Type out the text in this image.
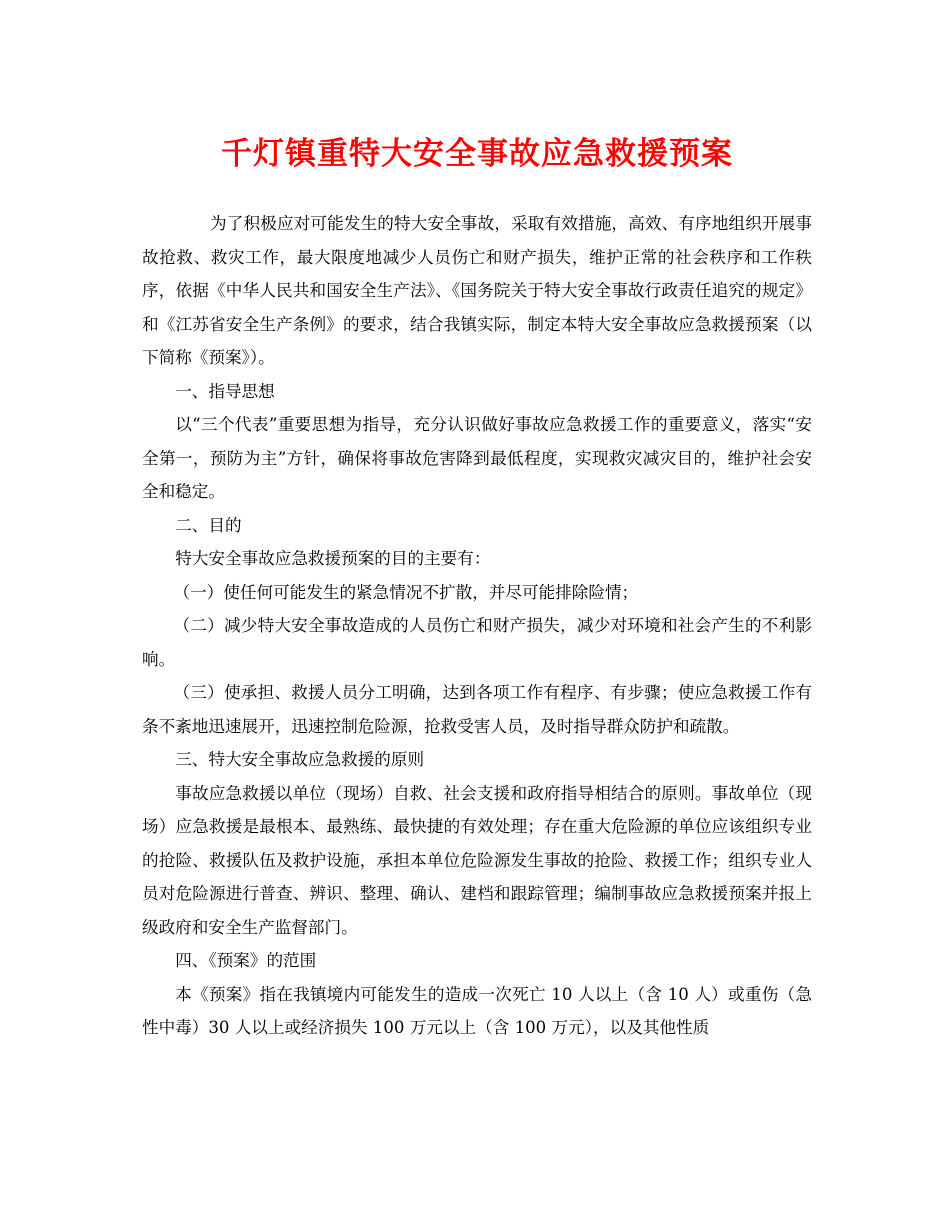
千灯镇重特大安全事故应急救援预案

为了积极应对可能发生的特大安全事故，采取有效措施，高效、有序地组织开展事故抢救、救灾工作，最大限度地减少人员伤亡和财产损失，维护正常的社会秩序和工作秩序，依据《中华人民共和国安全生产法》、《国务院关于特大安全事故行政责任追究的规定》和《江苏省安全生产条例》的要求，结合我镇实际，制定本特大安全事故应急救援预案（以下简称《预案》）。

一、指导思想

以“三个代表”重要思想为指导，充分认识做好事故应急救援工作的重要意义，落实“安全第一，预防为主”方针，确保将事故危害降到最低程度，实现救灾减灾目的，维护社会安全和稳定。

二、目的

特大安全事故应急救援预案的目的主要有：

（一）使任何可能发生的紧急情况不扩散，并尽可能排除险情；

（二）减少特大安全事故造成的人员伤亡和财产损失，减少对环境和社会产生的不利影响。

（三）使承担、救援人员分工明确，达到各项工作有程序、有步骤；使应急救援工作有条不紊地迅速展开，迅速控制危险源，抢救受害人员，及时指导群众防护和疏散。

三、特大安全事故应急救援的原则

事故应急救援以单位（现场）自救、社会支援和政府指导相结合的原则。事故单位（现场）应急救援是最根本、最熟练、最快捷的有效处理；存在重大危险源的单位应该组织专业的抢险、救援队伍及救护设施，承担本单位危险源发生事故的抢险、救援工作；组织专业人员对危险源进行普查、辨识、整理、确认、建档和跟踪管理；编制事故应急救援预案并报上级政府和安全生产监督部门。

四、《预案》的范围

本《预案》指在我镇境内可能发生的造成一次死亡 10 人以上（含 10 人）或重伤（急性中毒）30 人以上或经济损失 100 万元以上（含 100 万元），以及其他性质
